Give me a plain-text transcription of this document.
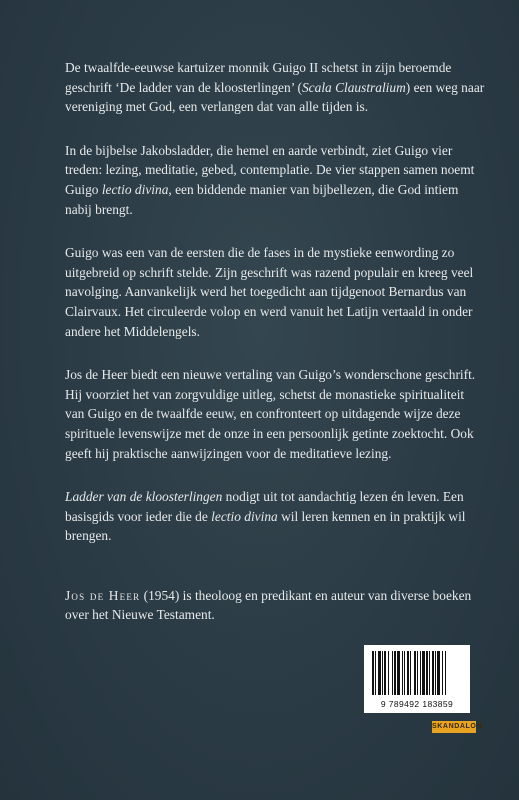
De twaalfde-eeuwse kartuizer monnik Guigo II schetst in zijn beroemde geschrift ‘De ladder van de kloosterlingen’ (Scala Claustralium) een weg naar vereniging met God, een verlangen dat van alle tijden is.

In de bijbelse Jakobsladder, die hemel en aarde verbindt, ziet Guigo vier treden: lezing, meditatie, gebed, contemplatie. De vier stappen samen noemt Guigo lectio divina, een biddende manier van bijbellezen, die God intiem nabij brengt.

Guigo was een van de eersten die de fases in de mystieke eenwording zo uitgebreid op schrift stelde. Zijn geschrift was razend populair en kreeg veel navolging. Aanvankelijk werd het toegedicht aan tijdgenoot Bernardus van Clairvaux. Het circuleerde volop en werd vanuit het Latijn vertaald in onder andere het Middelengels.

Jos de Heer biedt een nieuwe vertaling van Guigo’s wonderschone geschrift. Hij voorziet het van zorgvuldige uitleg, schetst de monastieke spiritualiteit van Guigo en de twaalfde eeuw, en confronteert op uitdagende wijze deze spirituele levenswijze met de onze in een persoonlijk getinte zoektocht. Ook geeft hij praktische aanwijzingen voor de meditatieve lezing.

Ladder van de kloosterlingen nodigt uit tot aandachtig lezen én leven. Een basisgids voor ieder die de lectio divina wil leren kennen en in praktijk wil brengen.

Jos de Heer (1954) is theoloog en predikant en auteur van diverse boeken over het Nieuwe Testament.

9 789492 183859
SKANDALON
